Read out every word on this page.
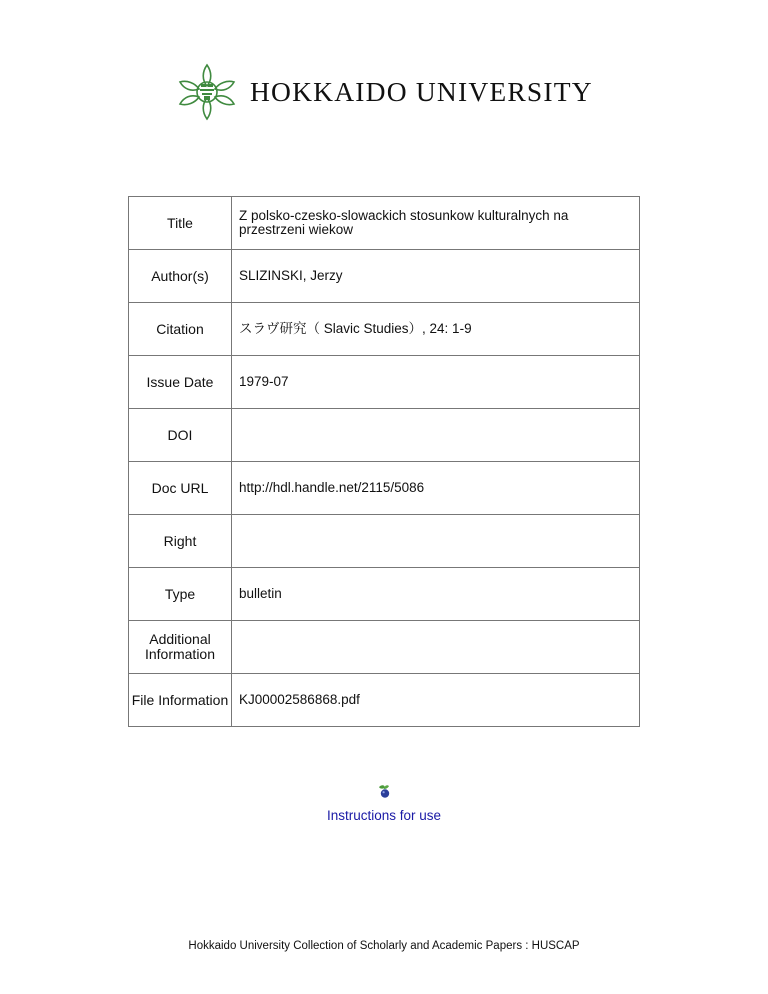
HOKKAIDO UNIVERSITY
Title	Z polsko-czesko-slowackich stosunkow kulturalnych na przestrzeni wiekow

Author(s)	SLIZINSKI, Jerzy
Citation	スラヴ研究（ Slavic Studies）, 24: 1-9
Issue Date	1979-07
DOI	
Doc URL	http://hdl.handle.net/2115/5086
Right	
Type	bulletin
Additional Information	
File Information	KJ00002586868.pdf
Instructions for use
Hokkaido University Collection of Scholarly and Academic Papers : HUSCAP
